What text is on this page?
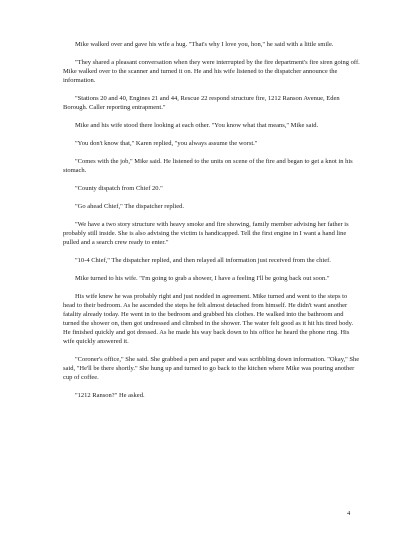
Mike walked over and gave his wife a hug. "That's why I love you, hon," he said with a little smile.

"They shared a pleasant conversation when they were interrupted by the fire department's fire siren going off. Mike walked over to the scanner and turned it on. He and his wife listened to the dispatcher announce the information.

"Stations 20 and 40, Engines 21 and 44, Rescue 22 respond structure fire, 1212 Ranson Avenue, Eden Borough. Caller reporting entrapment."

Mike and his wife stood there looking at each other. "You know what that means," Mike said.

"You don't know that," Karen replied, "you always assume the worst."

"Comes with the job," Mike said. He listened to the units on scene of the fire and began to get a knot in his stomach.

"County dispatch from Chief 20."

"Go ahead Chief," The dispatcher replied.

"We have a two story structure with heavy smoke and fire showing, family member advising her father is probably still inside. She is also advising the victim is handicapped. Tell the first engine in I want a hand line pulled and a search crew ready to enter."

"10-4 Chief," The dispatcher replied, and then relayed all information just received from the chief.

Mike turned to his wife. "I'm going to grab a shower, I have a feeling I'll be going back out soon."

His wife knew he was probably right and just nodded in agreement. Mike turned and went to the steps to head to their bedroom. As he ascended the steps he felt almost detached from himself. He didn't want another fatality already today. He went in to the bedroom and grabbed his clothes. He walked into the bathroom and turned the shower on, then got undressed and climbed in the shower. The water felt good as it hit his tired body. He finished quickly and got dressed. As he made his way back down to his office he heard the phone ring. His wife quickly answered it.

"Coroner's office," She said. She grabbed a pen and paper and was scribbling down information. "Okay," She said, "He'll be there shortly." She hung up and turned to go back to the kitchen where Mike was pouring another cup of coffee.

"1212 Ranson?" He asked.

4
